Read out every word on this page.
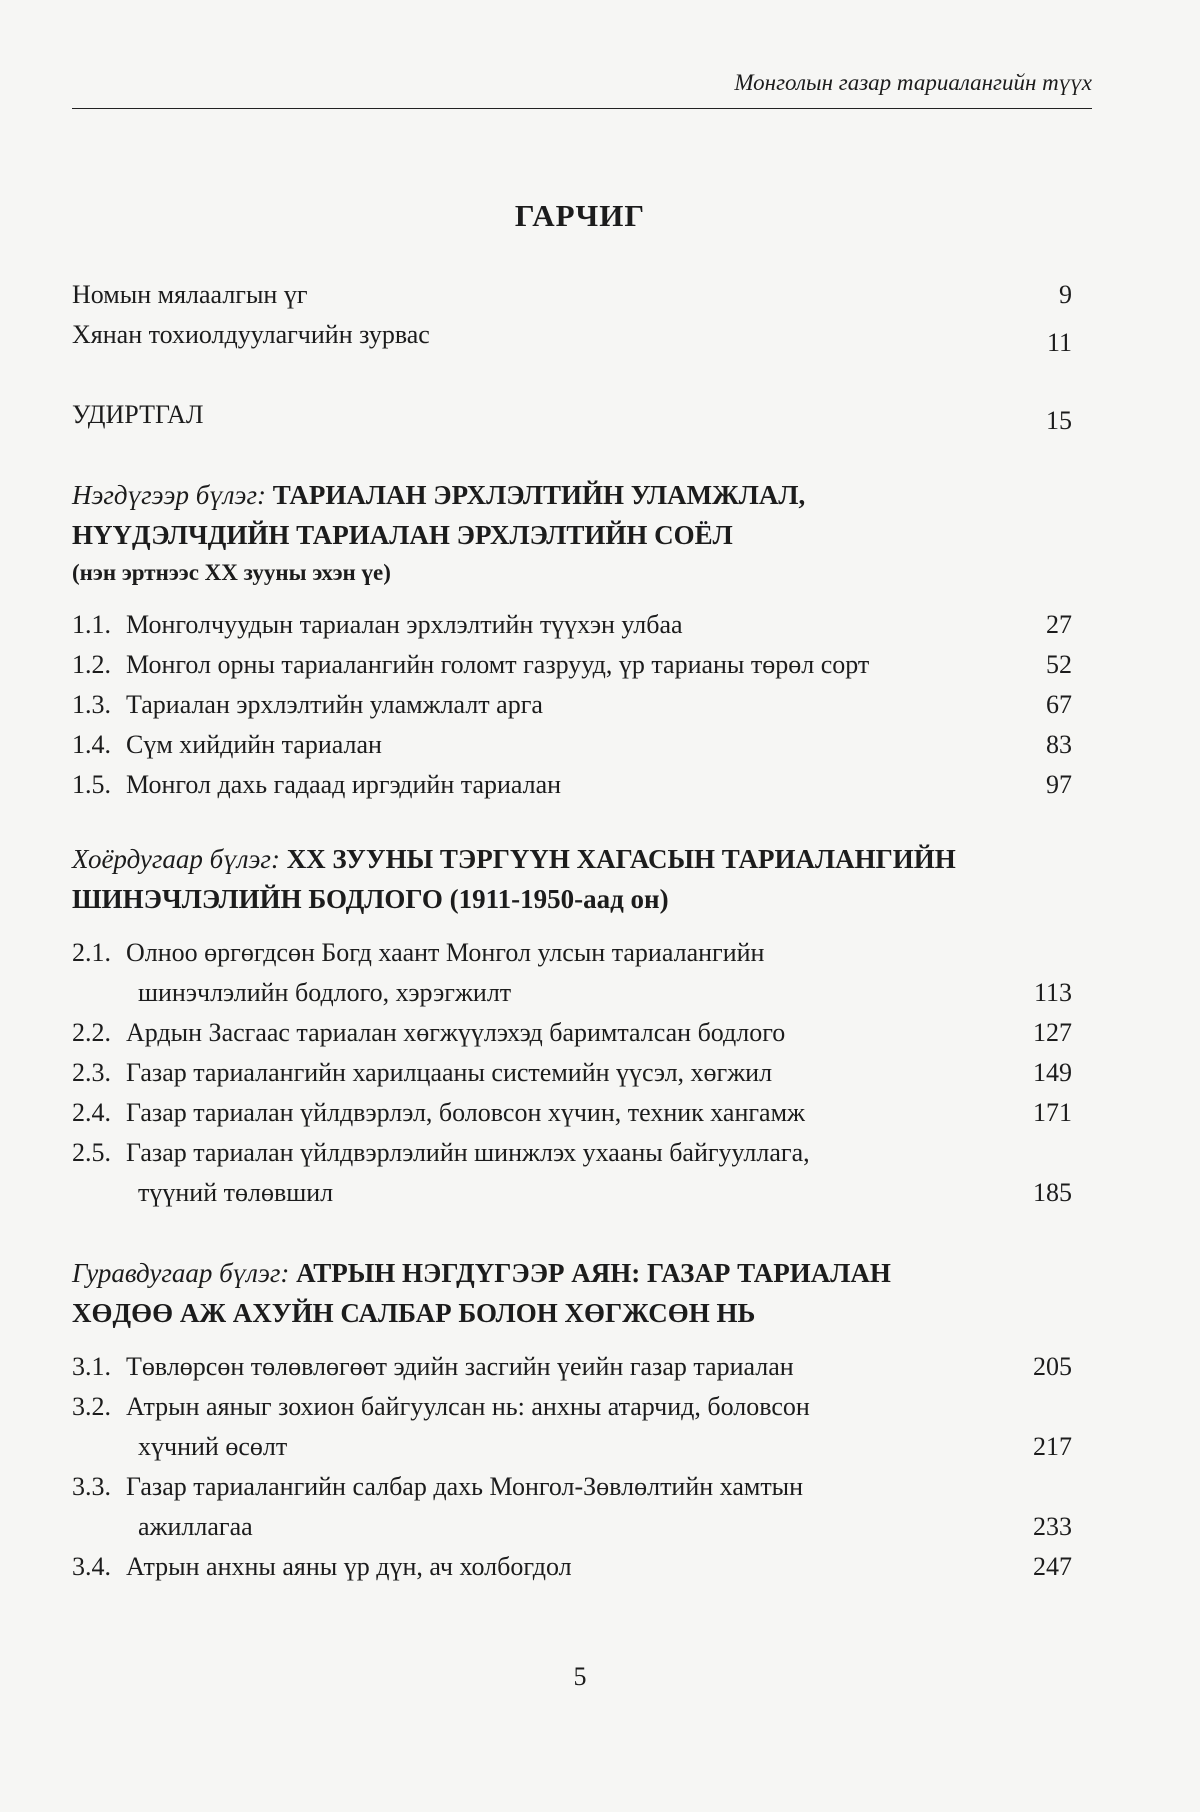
Монголын газар тариалангийн түүх
ГАРЧИГ
Номын мялаалгын үг	9
Хянан тохиолдуулагчийн зурвас	11
УДИРТГАЛ	15
Нэгдүгээр бүлэг: ТАРИАЛАН ЭРХЛЭЛТИЙН УЛАМЖЛАЛ,
НҮҮДЭЛЧДИЙН ТАРИАЛАН ЭРХЛЭЛТИЙН СОЁЛ
(нэн эртнээс XX зууны эхэн үе)
1.1. Монголчуудын тариалан эрхлэлтийн түүхэн улбаа	27
1.2. Монгол орны тариалангийн голомт газрууд, үр тарианы төрөл сорт	52
1.3. Тариалан эрхлэлтийн уламжлалт арга	67
1.4. Сүм хийдийн тариалан	83
1.5. Монгол дахь гадаад иргэдийн тариалан	97
Хоёрдугаар бүлэг: XX ЗУУНЫ ТЭРГҮҮН ХАГАСЫН ТАРИАЛАНГИЙН
ШИНЭЧЛЭЛИЙН БОДЛОГО (1911-1950-аад он)
2.1. Олноо өргөгдсөн Богд хаант Монгол улсын тариалангийн
шинэчлэлийн бодлого, хэрэгжилт	113
2.2. Ардын Засгаас тариалан хөгжүүлэхэд баримталсан бодлого	127
2.3. Газар тариалангийн харилцааны системийн үүсэл, хөгжил	149
2.4. Газар тариалан үйлдвэрлэл, боловсон хүчин, техник хангамж	171
2.5. Газар тариалан үйлдвэрлэлийн шинжлэх ухааны байгууллага,
түүний төлөвшил	185
Гуравдугаар бүлэг: АТРЫН НЭГДҮГЭЭР АЯН: ГАЗАР ТАРИАЛАН
ХӨДӨӨ АЖ АХУЙН САЛБАР БОЛОН ХӨГЖСӨН НЬ
3.1. Төвлөрсөн төлөвлөгөөт эдийн засгийн үеийн газар тариалан	205
3.2. Атрын аяныг зохион байгуулсан нь: анхны атарчид, боловсон
хүчний өсөлт	217
3.3. Газар тариалангийн салбар дахь Монгол-Зөвлөлтийн хамтын
ажиллагаа	233
3.4. Атрын анхны аяны үр дүн, ач холбогдол	247
5
